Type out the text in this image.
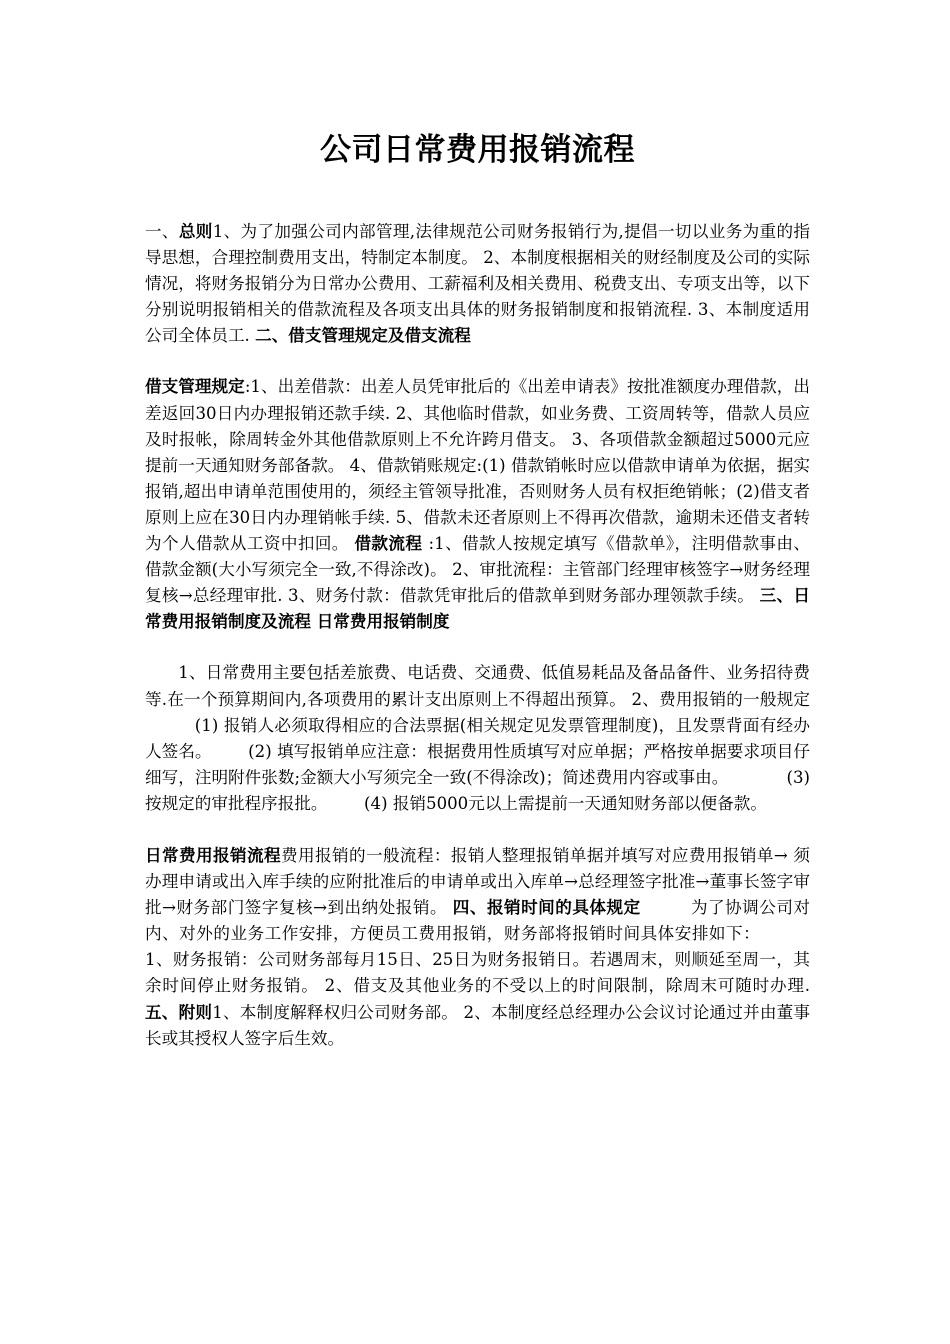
公司日常费用报销流程

一、总则1、为了加强公司内部管理,法律规范公司财务报销行为,提倡一切以业务为重的指导思想，合理控制费用支出，特制定本制度。 2、本制度根据相关的财经制度及公司的实际情况，将财务报销分为日常办公费用、工薪福利及相关费用、税费支出、专项支出等，以下分别说明报销相关的借款流程及各项支出具体的财务报销制度和报销流程. 3、本制度适用公司全体员工. 二、借支管理规定及借支流程

借支管理规定:1、出差借款：出差人员凭审批后的《出差申请表》按批准额度办理借款，出差返回30日内办理报销还款手续. 2、其他临时借款，如业务费、工资周转等，借款人员应及时报帐，除周转金外其他借款原则上不允许跨月借支。 3、各项借款金额超过5000元应提前一天通知财务部备款。 4、借款销账规定:(1) 借款销帐时应以借款申请单为依据，据实报销,超出申请单范围使用的，须经主管领导批准，否则财务人员有权拒绝销帐；(2)借支者原则上应在30日内办理销帐手续. 5、借款未还者原则上不得再次借款，逾期未还借支者转为个人借款从工资中扣回。 借款流程 :1、借款人按规定填写《借款单》，注明借款事由、借款金额(大小写须完全一致,不得涂改)。 2、审批流程：主管部门经理审核签字→财务经理复核→总经理审批. 3、财务付款：借款凭审批后的借款单到财务部办理领款手续。 三、日常费用报销制度及流程 日常费用报销制度

1、日常费用主要包括差旅费、电话费、交通费、低值易耗品及备品备件、业务招待费等.在一个预算期间内,各项费用的累计支出原则上不得超出预算。 2、费用报销的一般规定(1) 报销人必须取得相应的合法票据(相关规定见发票管理制度)，且发票背面有经办人签名。 (2) 填写报销单应注意：根据费用性质填写对应单据；严格按单据要求项目仔细写，注明附件张数;金额大小写须完全一致(不得涂改)；简述费用内容或事由。	(3) 按规定的审批程序报批。 (4) 报销5000元以上需提前一天通知财务部以便备款。

日常费用报销流程费用报销的一般流程：报销人整理报销单据并填写对应费用报销单→ 须办理申请或出入库手续的应附批准后的申请单或出入库单→总经理签字批准→董事长签字审批→财务部门签字复核→到出纳处报销。 四、报销时间的具体规定	为了协调公司对内、对外的业务工作安排，方便员工费用报销，财务部将报销时间具体安排如下：1、财务报销：公司财务部每月15日、25日为财务报销日。若遇周末，则顺延至周一，其余时间停止财务报销。 2、借支及其他业务的不受以上的时间限制，除周末可随时办理. 五、附则1、本制度解释权归公司财务部。 2、本制度经总经理办公会议讨论通过并由董事长或其授权人签字后生效。
